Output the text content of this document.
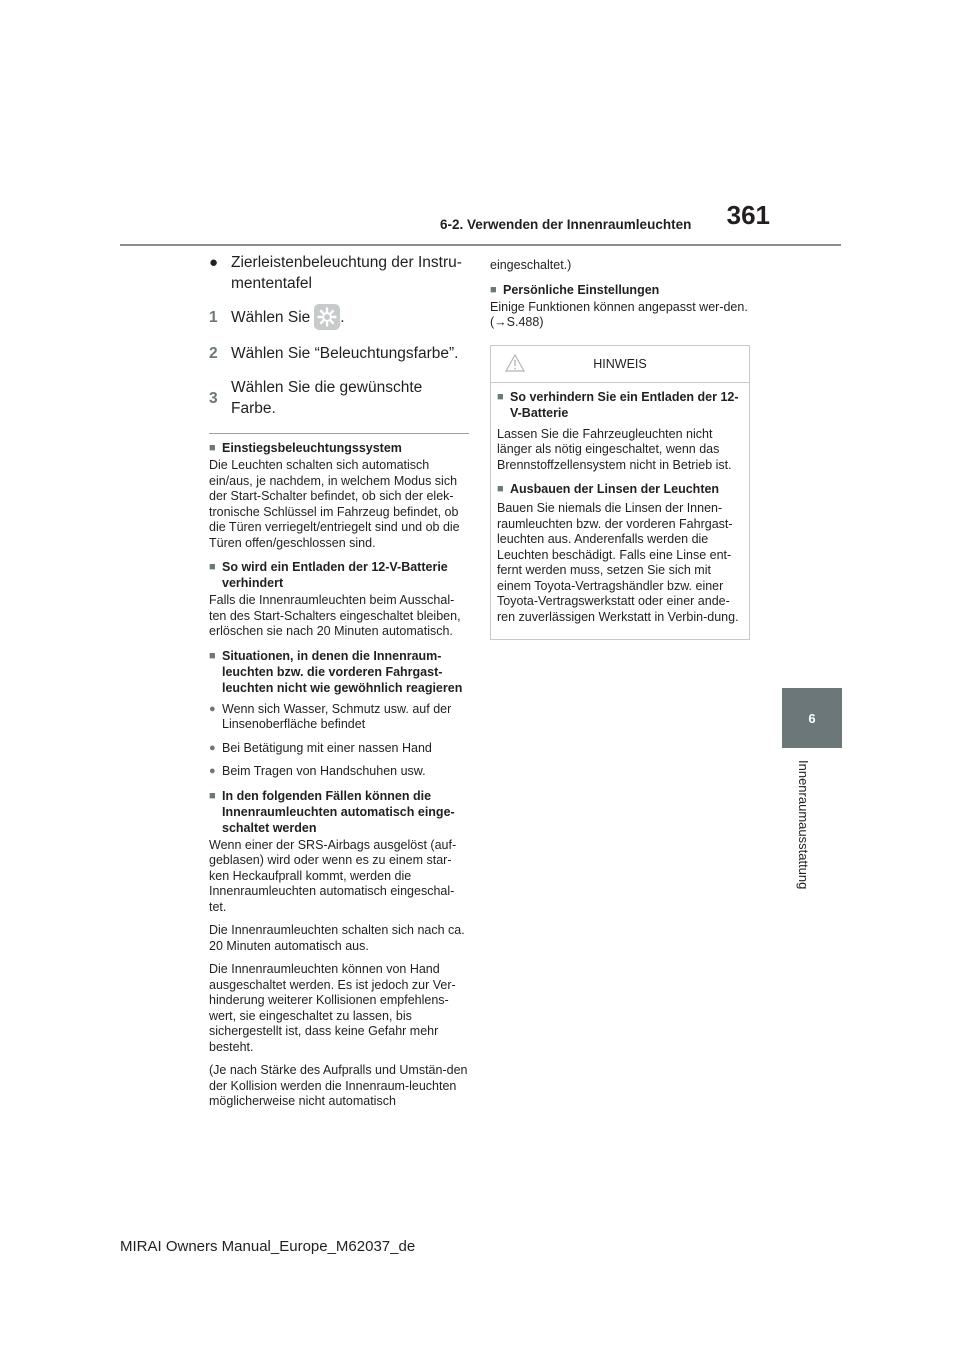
6-2. Verwenden der Innenraumleuchten 361
6
Innenraumausstattung
● Zierleistenbeleuchtung der Instru-mententafel
1 Wählen Sie .
2 Wählen Sie “Beleuchtungsfarbe”.
3
Wählen Sie die gewünschte Farbe.
■ Einstiegsbeleuchtungssystem
Die Leuchten schalten sich automatisch ein/aus, je nachdem, in welchem Modus sich der Start-Schalter befindet, ob sich der elek-tronische Schlüssel im Fahrzeug befindet, ob die Türen verriegelt/entriegelt sind und ob die Türen offen/geschlossen sind.
■ So wird ein Entladen der 12-V-Batterie verhindert
Falls die Innenraumleuchten beim Ausschal-ten des Start-Schalters eingeschaltet bleiben, erlöschen sie nach 20 Minuten automatisch.
■ Situationen, in denen die Innenraum-leuchten bzw. die vorderen Fahrgast-leuchten nicht wie gewöhnlich reagieren
● Wenn sich Wasser, Schmutz usw. auf der Linsenoberfläche befindet
● Bei Betätigung mit einer nassen Hand
● Beim Tragen von Handschuhen usw.
■ In den folgenden Fällen können die Innenraumleuchten automatisch einge-schaltet werden
Wenn einer der SRS-Airbags ausgelöst (auf-geblasen) wird oder wenn es zu einem star-ken Heckaufprall kommt, werden die Innenraumleuchten automatisch eingeschal-tet.
Die Innenraumleuchten schalten sich nach ca. 20 Minuten automatisch aus.
Die Innenraumleuchten können von Hand ausgeschaltet werden. Es ist jedoch zur Ver-hinderung weiterer Kollisionen empfehlens-wert, sie eingeschaltet zu lassen, bis sichergestellt ist, dass keine Gefahr mehr besteht.
(Je nach Stärke des Aufpralls und Umstän-den der Kollision werden die Innenraum-leuchten möglicherweise nicht automatisch
eingeschaltet.)
■ Persönliche Einstellungen
Einige Funktionen können angepasst wer-den. (→S.488)
HINWEIS
■ So verhindern Sie ein Entladen der 12-V-Batterie
Lassen Sie die Fahrzeugleuchten nicht länger als nötig eingeschaltet, wenn das Brennstoffzellensystem nicht in Betrieb ist.
■ Ausbauen der Linsen der Leuchten
Bauen Sie niemals die Linsen der Innen-raumleuchten bzw. der vorderen Fahrgast-leuchten aus. Anderenfalls werden die Leuchten beschädigt. Falls eine Linse ent-fernt werden muss, setzen Sie sich mit einem Toyota-Vertragshändler bzw. einer Toyota-Vertragswerkstatt oder einer ande-ren zuverlässigen Werkstatt in Verbin-dung.
MIRAI Owners Manual_Europe_M62037_de
